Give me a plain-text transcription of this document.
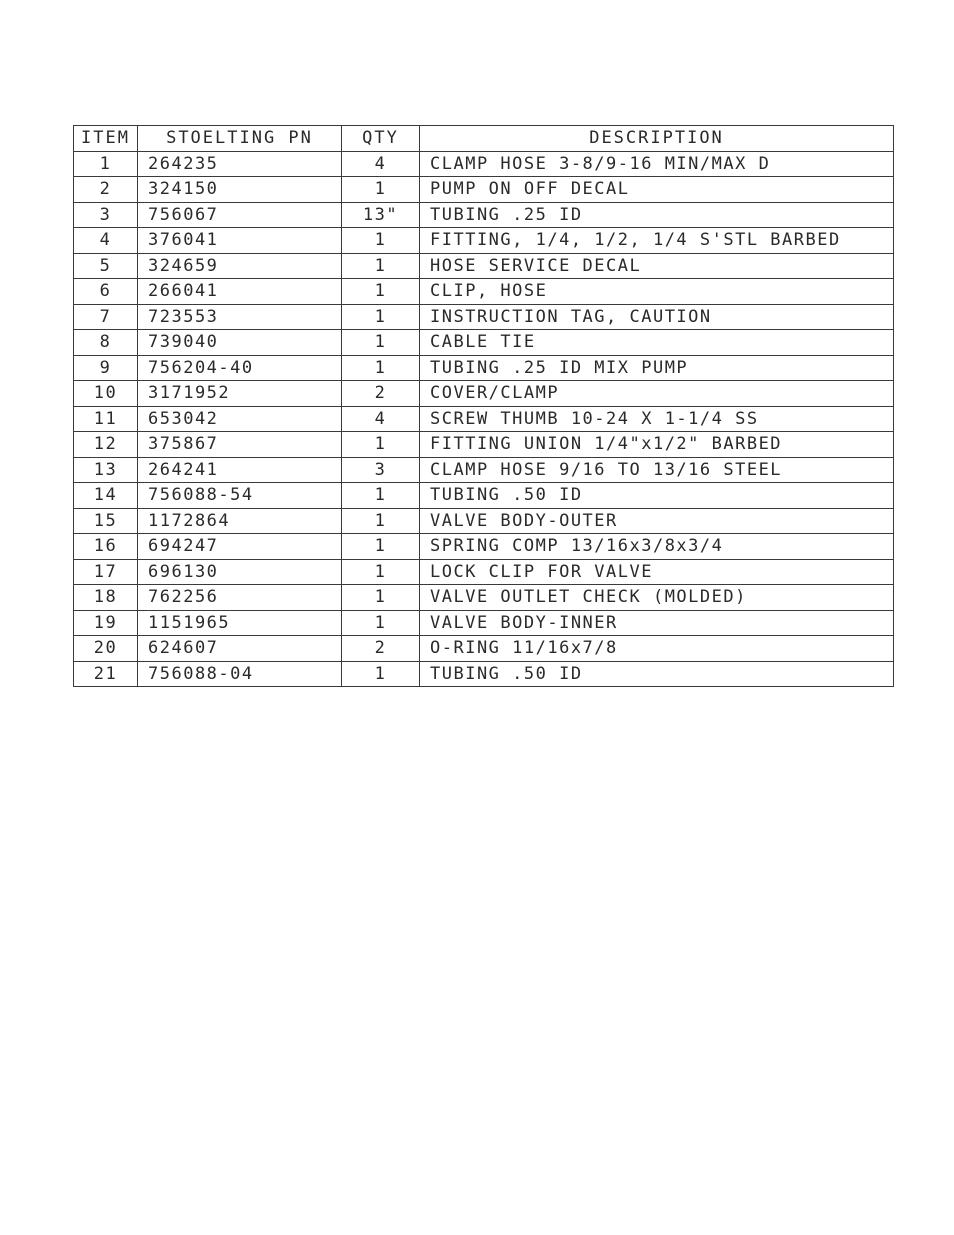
ITEM	STOELTING PN	QTY	DESCRIPTION
1	264235	4	CLAMP HOSE 3-8/9-16 MIN/MAX D
2	324150	1	PUMP ON OFF DECAL
3	756067	13"	TUBING .25 ID
4	376041	1	FITTING, 1/4, 1/2, 1/4 S'STL BARBED
5	324659	1	HOSE SERVICE DECAL
6	266041	1	CLIP, HOSE
7	723553	1	INSTRUCTION TAG, CAUTION
8	739040	1	CABLE TIE
9	756204-40	1	TUBING .25 ID MIX PUMP
10	3171952	2	COVER/CLAMP
11	653042	4	SCREW THUMB 10-24 X 1-1/4 SS
12	375867	1	FITTING UNION 1/4"x1/2" BARBED
13	264241	3	CLAMP HOSE 9/16 TO 13/16 STEEL
14	756088-54	1	TUBING .50 ID
15	1172864	1	VALVE BODY-OUTER
16	694247	1	SPRING COMP 13/16x3/8x3/4
17	696130	1	LOCK CLIP FOR VALVE
18	762256	1	VALVE OUTLET CHECK (MOLDED)
19	1151965	1	VALVE BODY-INNER
20	624607	2	O-RING 11/16x7/8
21	756088-04	1	TUBING .50 ID
